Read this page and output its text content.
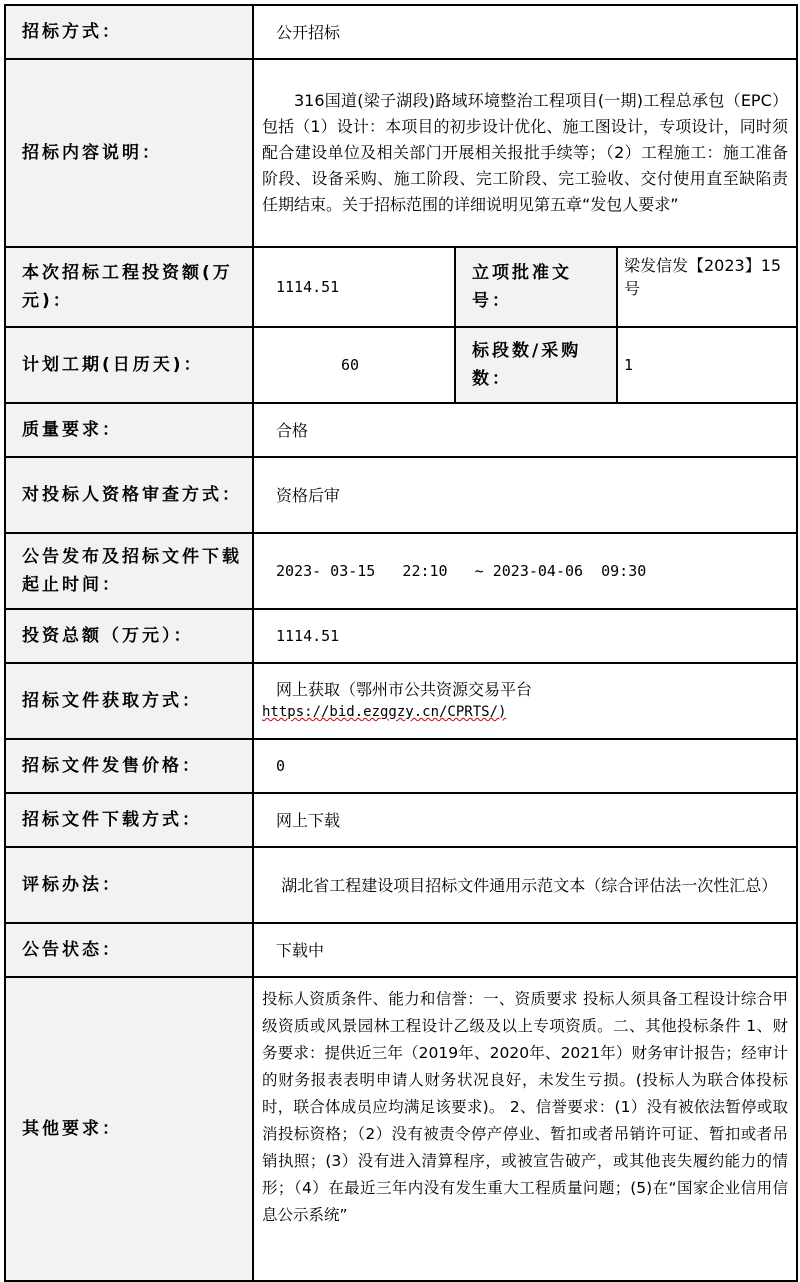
招标方式：	公开招标		
招标内容说明：	316国道(梁子湖段)路域环境整治工程项目(一期)工程总承包（EPC）包括（1）设计：本项目的初步设计优化、施工图设计，专项设计，同时须配合建设单位及相关部门开展相关报批手续等；（2）工程施工：施工准备阶段、设备采购、施工阶段、完工阶段、完工验收、交付使用直至缺陷责任期结束。关于招标范围的详细说明见第五章“发包人要求”		
本次招标工程投资额(万元)：	1114.51	立项批准文号：	梁发信发【2023】15号
计划工期(日历天)：	60	标段数/采购数：	1
质量要求：	合格		
对投标人资格审查方式：	资格后审		
公告发布及招标文件下载起止时间：	2023- 03-15   22:10   ~ 2023-04-06  09:30		
投资总额（万元）：	1114.51		
招标文件获取方式：	网上获取（鄂州市公共资源交易平台
https://bid.ezggzy.cn/CPRTS/)		

招标文件发售价格：	0		
招标文件下载方式：	网上下载		
评标办法：	湖北省工程建设项目招标文件通用示范文本（综合评估法一次性汇总）		
公告状态：	下载中		
其他要求：	投标人资质条件、能力和信誉：一、资质要求 投标人须具备工程设计综合甲级资质或风景园林工程设计乙级及以上专项资质。二、其他投标条件 1、财务要求：提供近三年（2019年、2020年、2021年）财务审计报告；经审计的财务报表表明申请人财务状况良好，未发生亏损。(投标人为联合体投标时，联合体成员应均满足该要求)。 2、信誉要求：(1）没有被依法暂停或取消投标资格；（2）没有被责令停产停业、暂扣或者吊销许可证、暂扣或者吊销执照；(3）没有进入清算程序，或被宣告破产，或其他丧失履约能力的情形；（4）在最近三年内没有发生重大工程质量问题；(5)在“国家企业信用信息公示系统”		
